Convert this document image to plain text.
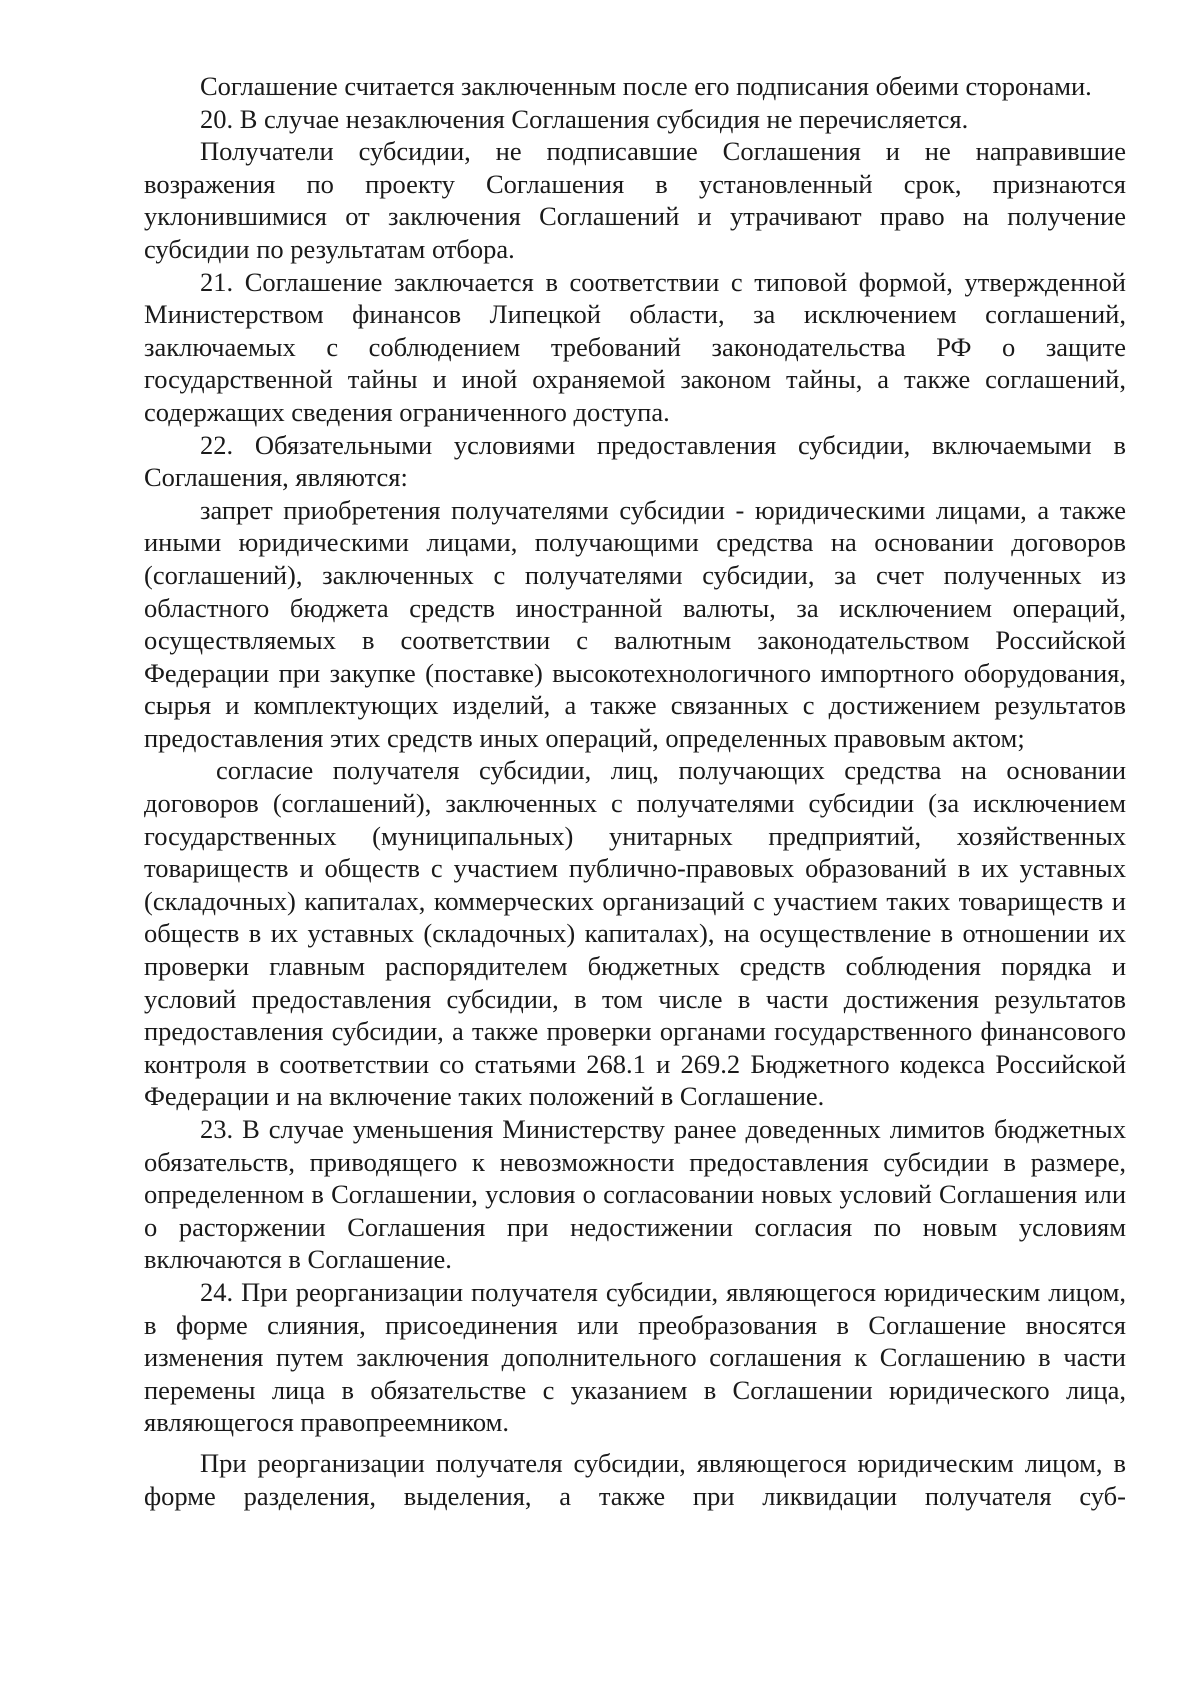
Соглашение считается заключенным после его подписания обеими сторонами.

20. В случае незаключения Соглашения субсидия не перечисляется.

Получатели субсидии, не подписавшие Соглашения и не направившие возражения по проекту Соглашения в установленный срок, признаются уклонившимися от заключения Соглашений и утрачивают право на получение субсидии по результатам отбора.

21. Соглашение заключается в соответствии с типовой формой, утвержденной Министерством финансов Липецкой области, за исключением соглашений, заключаемых с соблюдением требований законодательства РФ о защите государственной тайны и иной охраняемой законом тайны, а также соглашений, содержащих сведения ограниченного доступа.

22. Обязательными условиями предоставления субсидии, включаемыми в Соглашения, являются:

запрет приобретения получателями субсидии - юридическими лицами, а также иными юридическими лицами, получающими средства на основании договоров (соглашений), заключенных с получателями субсидии, за счет полученных из областного бюджета средств иностранной валюты, за исключением операций, осуществляемых в соответствии с валютным законодательством Российской Федерации при закупке (поставке) высокотехнологичного импортного оборудования, сырья и комплектующих изделий, а также связанных с достижением результатов предоставления этих средств иных операций, определенных правовым актом;

согласие получателя субсидии, лиц, получающих средства на основании договоров (соглашений), заключенных с получателями субсидии (за исключением государственных (муниципальных) унитарных предприятий, хозяйственных товариществ и обществ с участием публично-правовых образований в их уставных (складочных) капиталах, коммерческих организаций с участием таких товариществ и обществ в их уставных (складочных) капиталах), на осуществление в отношении их проверки главным распорядителем бюджетных средств соблюдения порядка и условий предоставления субсидии, в том числе в части достижения результатов предоставления субсидии, а также проверки органами государственного финансового контроля в соответствии со статьями 268.1 и 269.2 Бюджетного кодекса Российской Федерации и на включение таких положений в Соглашение.

23. В случае уменьшения Министерству ранее доведенных лимитов бюджетных обязательств, приводящего к невозможности предоставления субсидии в размере, определенном в Соглашении, условия о согласовании новых условий Соглашения или о расторжении Соглашения при недостижении согласия по новым условиям включаются в Соглашение.

24. При реорганизации получателя субсидии, являющегося юридическим лицом, в форме слияния, присоединения или преобразования в Соглашение вносятся изменения путем заключения дополнительного соглашения к Соглашению в части перемены лица в обязательстве с указанием в Соглашении юридического лица, являющегося правопреемником.

При реорганизации получателя субсидии, являющегося юридическим лицом, в форме разделения, выделения, а также при ликвидации получателя суб-
